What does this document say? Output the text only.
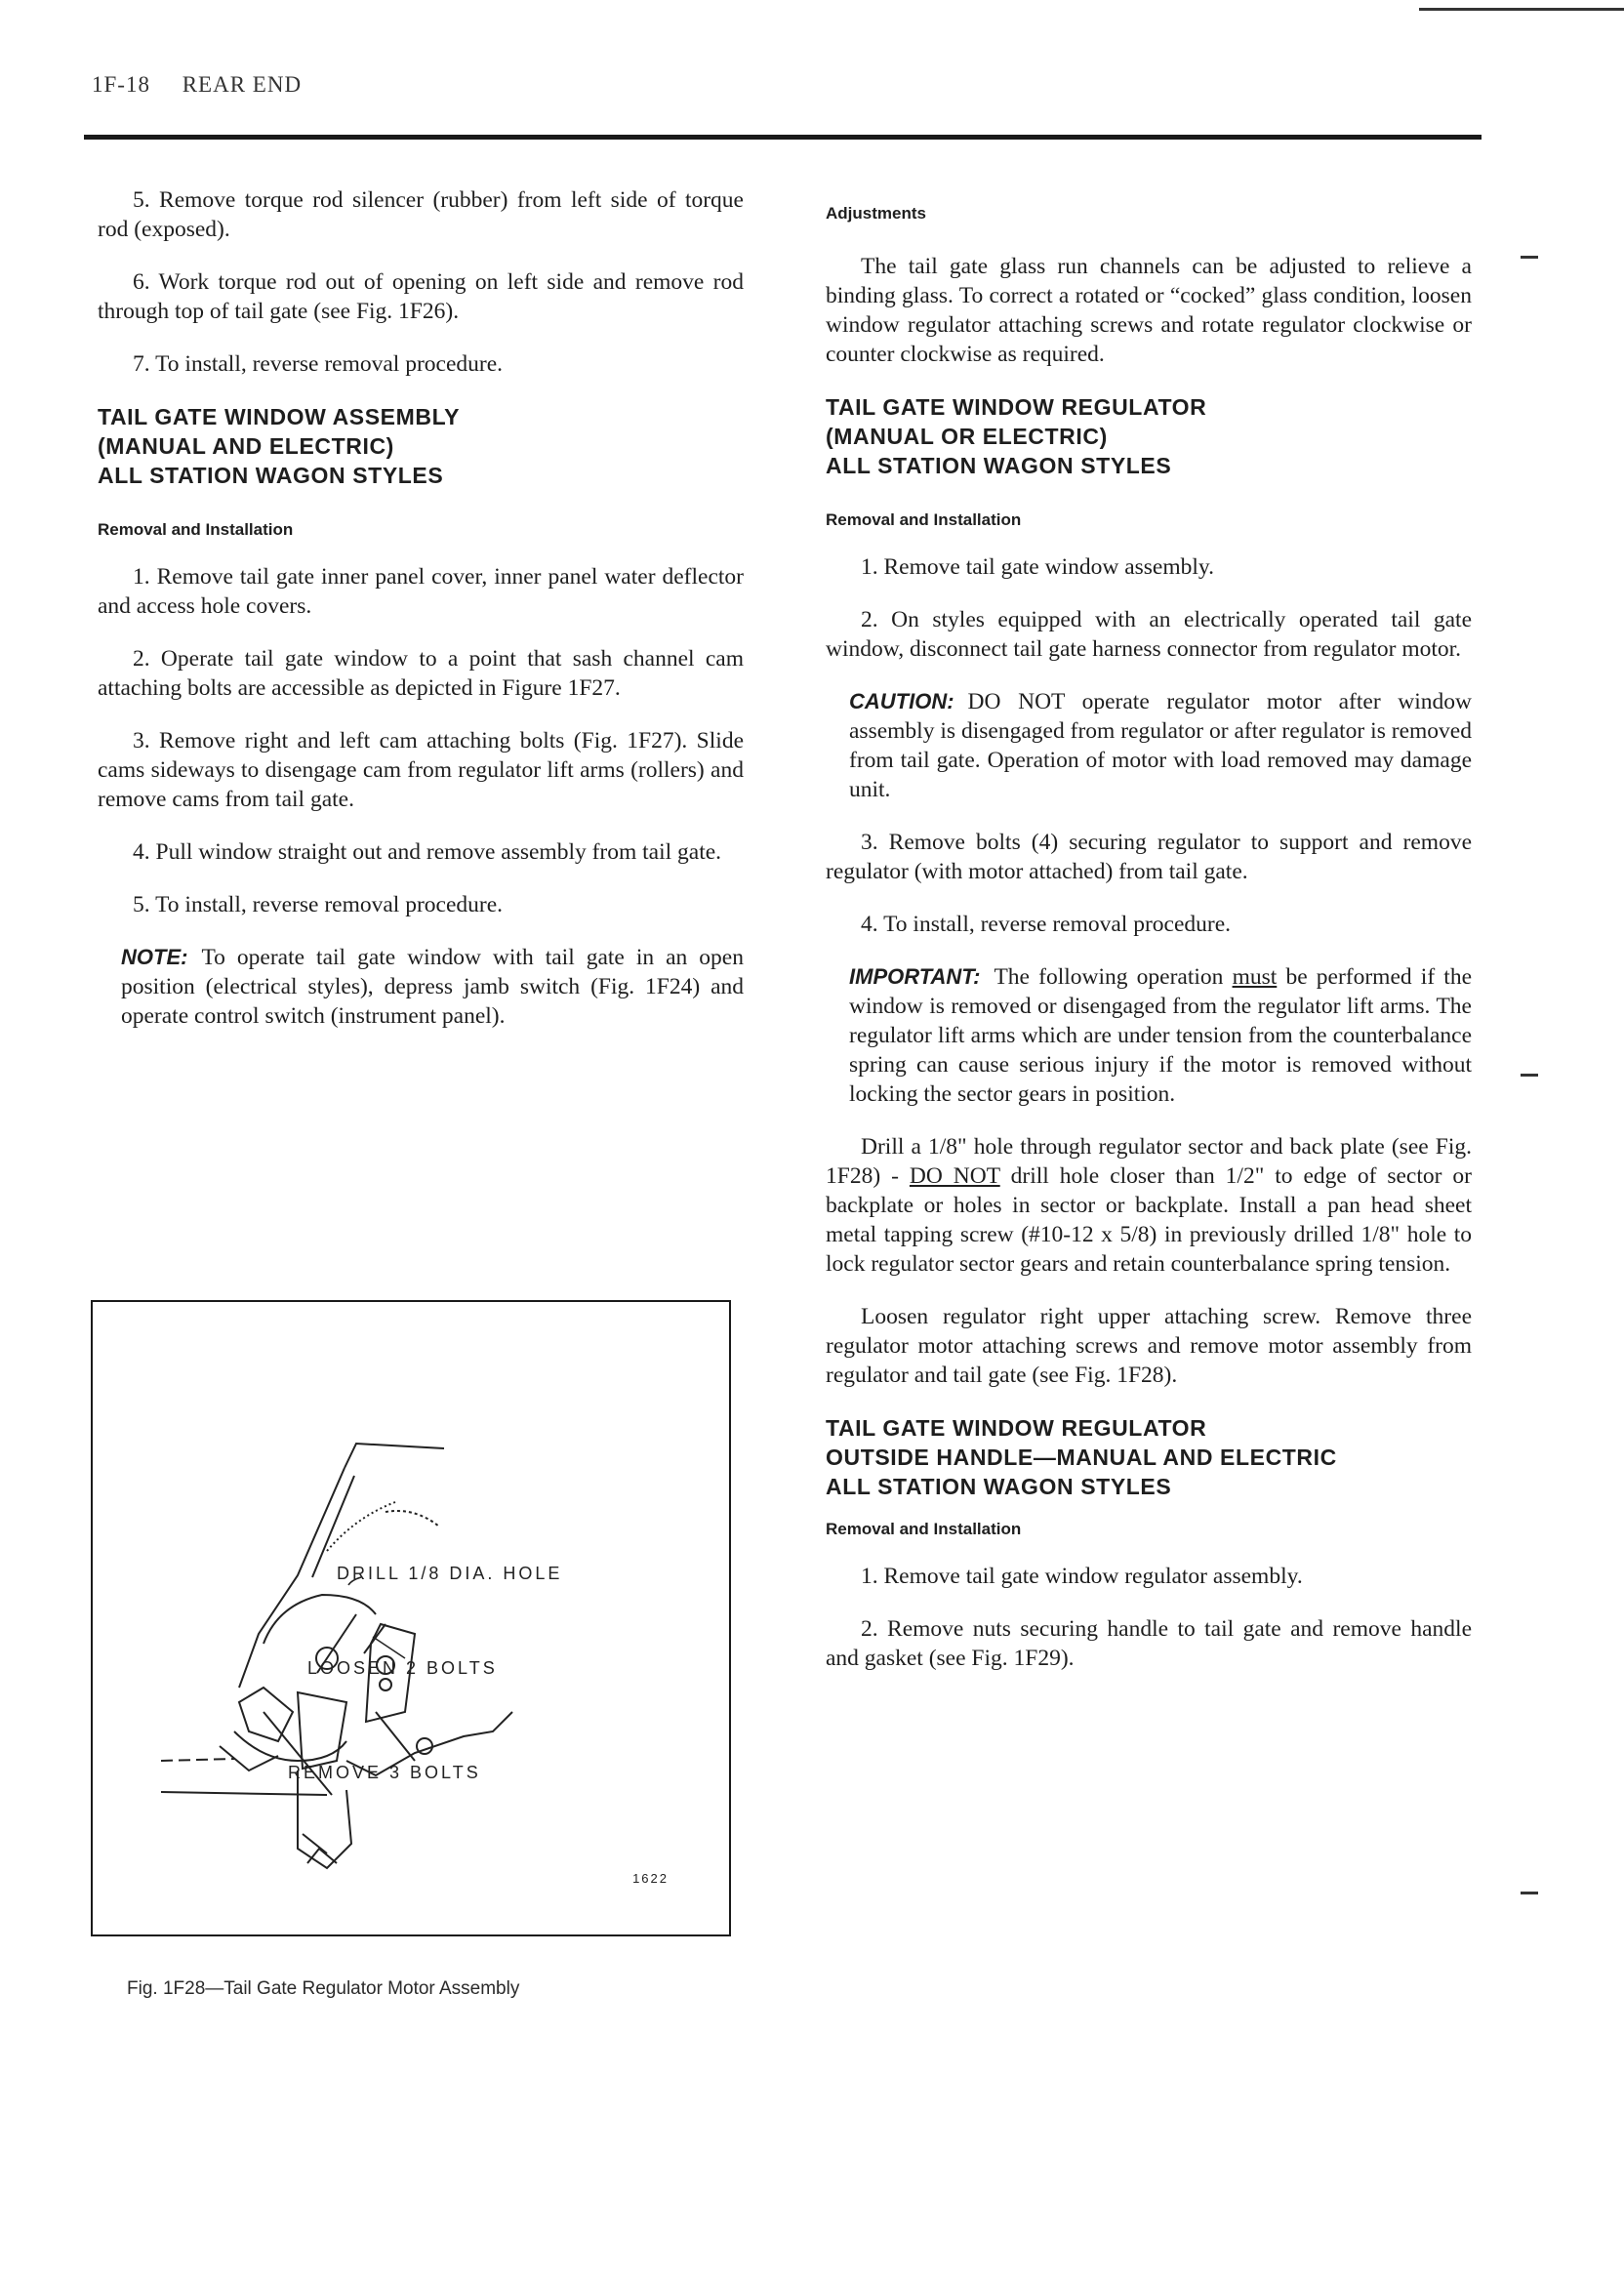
1F-18 REAR END

5. Remove torque rod silencer (rubber) from left side of torque rod (exposed).

6. Work torque rod out of opening on left side and remove rod through top of tail gate (see Fig. 1F26).

7. To install, reverse removal procedure.

TAIL GATE WINDOW ASSEMBLY
(MANUAL AND ELECTRIC)
ALL STATION WAGON STYLES
Removal and Installation

1. Remove tail gate inner panel cover, inner panel water deflector and access hole covers.

2. Operate tail gate window to a point that sash channel cam attaching bolts are accessible as depicted in Figure 1F27.

3. Remove right and left cam attaching bolts (Fig. 1F27). Slide cams sideways to disengage cam from regulator lift arms (rollers) and remove cams from tail gate.

4. Pull window straight out and remove assembly from tail gate.

5. To install, reverse removal procedure.

NOTE: To operate tail gate window with tail gate in an open position (electrical styles), depress jamb switch (Fig. 1F24) and operate control switch (instrument panel).

DRILL 1/8 DIA. HOLE
LOOSEN 2 BOLTS
REMOVE 3 BOLTS
1622
Fig. 1F28—Tail Gate Regulator Motor Assembly
Adjustments

The tail gate glass run channels can be adjusted to relieve a binding glass. To correct a rotated or “cocked” glass condition, loosen window regulator attaching screws and rotate regulator clockwise or counter clockwise as required.

TAIL GATE WINDOW REGULATOR
(MANUAL OR ELECTRIC)
ALL STATION WAGON STYLES
Removal and Installation

1. Remove tail gate window assembly.

2. On styles equipped with an electrically operated tail gate window, disconnect tail gate harness connector from regulator motor.

CAUTION: DO NOT operate regulator motor after window assembly is disengaged from regulator or after regulator is removed from tail gate. Operation of motor with load removed may damage unit.

3. Remove bolts (4) securing regulator to support and remove regulator (with motor attached) from tail gate.

4. To install, reverse removal procedure.

IMPORTANT: The following operation must be performed if the window is removed or disengaged from the regulator lift arms. The regulator lift arms which are under tension from the counterbalance spring can cause serious injury if the motor is removed without locking the sector gears in position.

Drill a 1/8" hole through regulator sector and back plate (see Fig. 1F28) - DO NOT drill hole closer than 1/2" to edge of sector or backplate or holes in sector or backplate. Install a pan head sheet metal tapping screw (#10-12 x 5/8) in previously drilled 1/8" hole to lock regulator sector gears and retain counterbalance spring tension.

Loosen regulator right upper attaching screw. Remove three regulator motor attaching screws and remove motor assembly from regulator and tail gate (see Fig. 1F28).

TAIL GATE WINDOW REGULATOR
OUTSIDE HANDLE—MANUAL AND ELECTRIC
ALL STATION WAGON STYLES
Removal and Installation

1. Remove tail gate window regulator assembly.

2. Remove nuts securing handle to tail gate and remove handle and gasket (see Fig. 1F29).
